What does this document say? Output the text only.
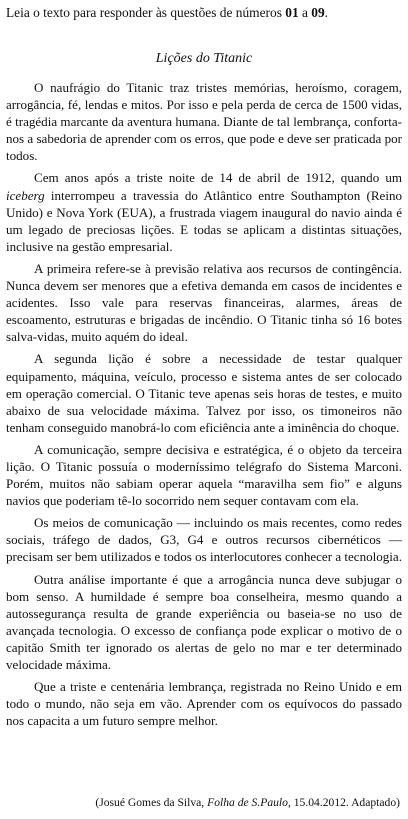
Leia o texto para responder às questões de números 01 a 09.
Lições do Titanic

O naufrágio do Titanic traz tristes memórias, heroísmo, coragem, arrogância, fé, lendas e mitos. Por isso e pela perda de cerca de 1500 vidas, é tragédia marcante da aventura humana. Diante de tal lembrança, conforta-nos a sabedoria de aprender com os erros, que pode e deve ser praticada por todos.

Cem anos após a triste noite de 14 de abril de 1912, quando um iceberg interrompeu a travessia do Atlântico entre Southampton (Reino Unido) e Nova York (EUA), a frustrada viagem inaugural do navio ainda é um legado de preciosas lições. E todas se aplicam a distintas situações, inclusive na gestão empresarial.

A primeira refere-se à previsão relativa aos recursos de contingência. Nunca devem ser menores que a efetiva demanda em casos de incidentes e acidentes. Isso vale para reservas financeiras, alarmes, áreas de escoamento, estruturas e brigadas de incêndio. O Titanic tinha só 16 botes salva-vidas, muito aquém do ideal.

A segunda lição é sobre a necessidade de testar qualquer equipamento, máquina, veículo, processo e sistema antes de ser colocado em operação comercial. O Titanic teve apenas seis horas de testes, e muito abaixo de sua velocidade máxima. Talvez por isso, os timoneiros não tenham conseguido manobrá-lo com eficiência ante a iminência do choque.

A comunicação, sempre decisiva e estratégica, é o objeto da terceira lição. O Titanic possuía o moderníssimo telégrafo do Sistema Marconi. Porém, muitos não sabiam operar aquela “maravilha sem fio” e alguns navios que poderiam tê-lo socorrido nem sequer contavam com ela.

Os meios de comunicação — incluindo os mais recentes, como redes sociais, tráfego de dados, G3, G4 e outros recursos cibernéticos — precisam ser bem utilizados e todos os interlocutores conhecer a tecnologia.

Outra análise importante é que a arrogância nunca deve subjugar o bom senso. A humildade é sempre boa conselheira, mesmo quando a autossegurança resulta de grande experiência ou baseia-se no uso de avançada tecnologia. O excesso de confiança pode explicar o motivo de o capitão Smith ter ignorado os alertas de gelo no mar e ter determinado velocidade máxima.

Que a triste e centenária lembrança, registrada no Reino Unido e em todo o mundo, não seja em vão. Aprender com os equívocos do passado nos capacita a um futuro sempre melhor.

(Josué Gomes da Silva, Folha de S.Paulo, 15.04.2012. Adaptado)
